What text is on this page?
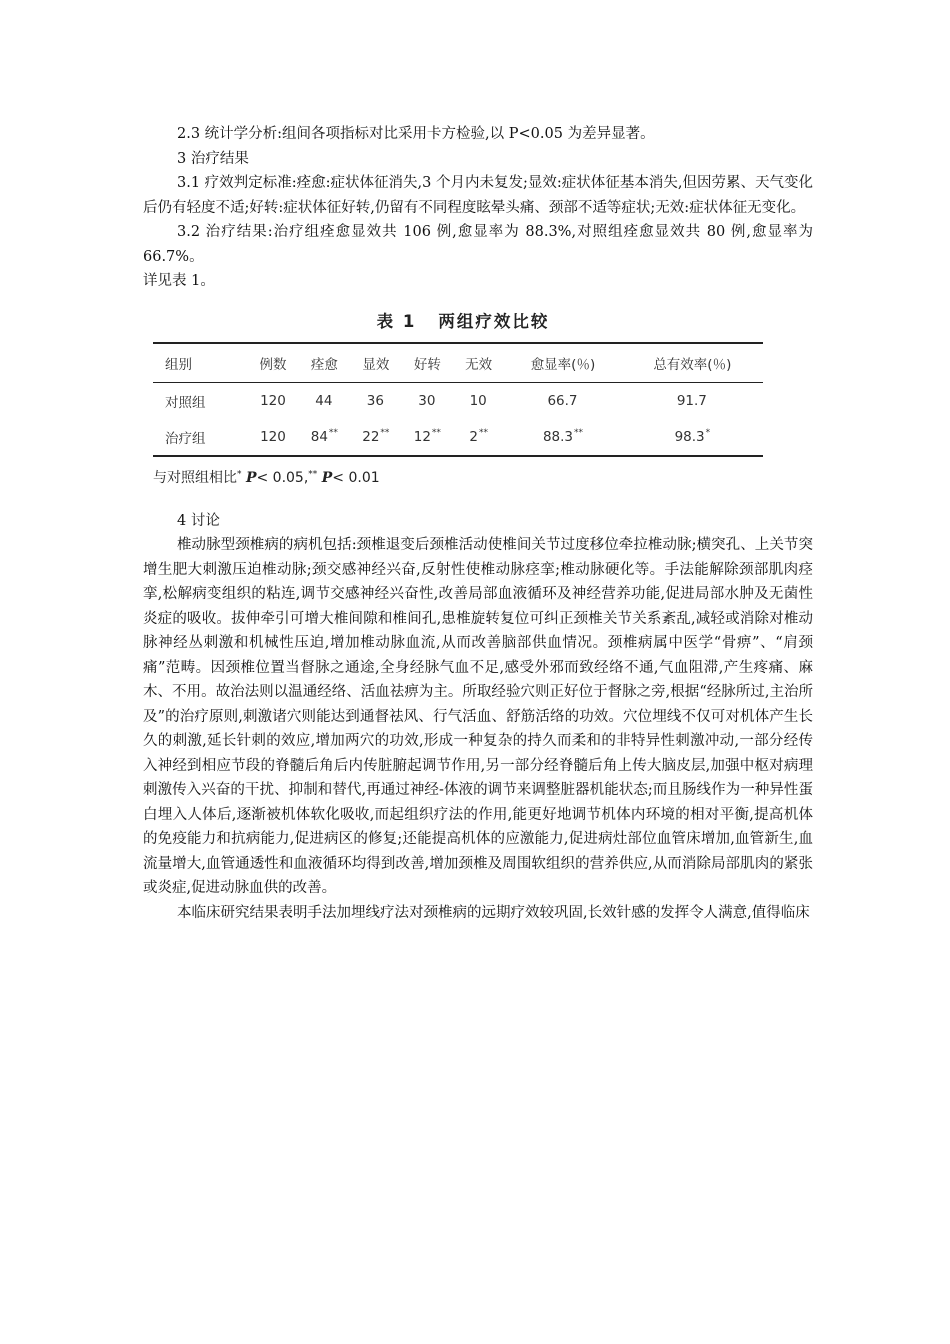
2.3 统计学分析:组间各项指标对比采用卡方检验,以 P<0.05 为差异显著。

3 治疗结果

3.1 疗效判定标准:痊愈:症状体征消失,3 个月内未复发;显效:症状体征基本消失,但因劳累、天气变化后仍有轻度不适;好转:症状体征好转,仍留有不同程度眩晕头痛、颈部不适等症状;无效:症状体征无变化。

3.2 治疗结果:治疗组痊愈显效共 106 例,愈显率为 88.3%,对照组痊愈显效共 80 例,愈显率为 66.7%。

详见表 1。

表 1 两组疗效比较
组别	例数	痊愈	显效	好转	无效	愈显率(％)	总有效率(％)
对照组	120	44	36	30	10	66.7	91.7
治疗组	120	84**	22**	12**	2**	88.3**	98.3*
与对照组相比* P< 0.05,** P< 0.01

4 讨论

椎动脉型颈椎病的病机包括:颈椎退变后颈椎活动使椎间关节过度移位牵拉椎动脉;横突孔、上关节突增生肥大刺激压迫椎动脉;颈交感神经兴奋,反射性使椎动脉痉挛;椎动脉硬化等。手法能解除颈部肌肉痉挛,松解病变组织的粘连,调节交感神经兴奋性,改善局部血液循环及神经营养功能,促进局部水肿及无菌性炎症的吸收。拔伸牵引可增大椎间隙和椎间孔,患椎旋转复位可纠正颈椎关节关系紊乱,减轻或消除对椎动脉神经丛刺激和机械性压迫,增加椎动脉血流,从而改善脑部供血情况。颈椎病属中医学“骨痹”、“肩颈痛”范畴。因颈椎位置当督脉之通途,全身经脉气血不足,感受外邪而致经络不通,气血阻滞,产生疼痛、麻木、不用。故治法则以温通经络、活血祛痹为主。所取经验穴则正好位于督脉之旁,根据“经脉所过,主治所及”的治疗原则,刺激诸穴则能达到通督祛风、行气活血、舒筋活络的功效。穴位埋线不仅可对机体产生长久的刺激,延长针刺的效应,增加两穴的功效,形成一种复杂的持久而柔和的非特异性刺激冲动,一部分经传入神经到相应节段的脊髓后角后内传脏腑起调节作用,另一部分经脊髓后角上传大脑皮层,加强中枢对病理刺激传入兴奋的干扰、抑制和替代,再通过神经-体液的调节来调整脏器机能状态;而且肠线作为一种异性蛋白埋入人体后,逐渐被机体软化吸收,而起组织疗法的作用,能更好地调节机体内环境的相对平衡,提高机体的免疫能力和抗病能力,促进病区的修复;还能提高机体的应激能力,促进病灶部位血管床增加,血管新生,血流量增大,血管通透性和血液循环均得到改善,增加颈椎及周围软组织的营养供应,从而消除局部肌肉的紧张或炎症,促进动脉血供的改善。

本临床研究结果表明手法加埋线疗法对颈椎病的远期疗效较巩固,长效针感的发挥令人满意,值得临床
